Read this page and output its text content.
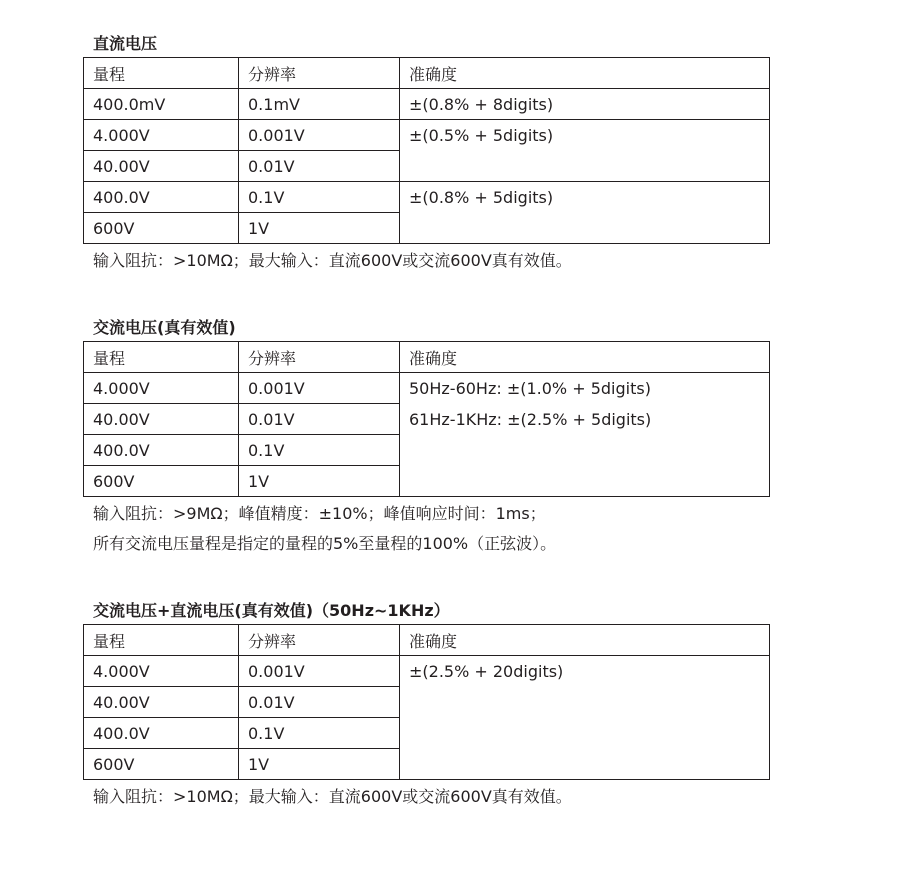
直流电压
量程	分辨率	准确度
400.0mV	0.1mV	±(0.8% + 8digits)
4.000V	0.001V	±(0.5% + 5digits)

40.00V	0.01V	
400.0V	0.1V	±(0.8% + 5digits)

600V	1V	
输入阻抗：>10MΩ；最大输入：直流600V或交流600V真有效值。
交流电压(真有效值)
量程	分辨率	准确度
4.000V	0.001V	50Hz-60Hz: ±(1.0% + 5digits)
61Hz-1KHz: ±(2.5% + 5digits)

40.00V	0.01V	
400.0V	0.1V	
600V	1V	
输入阻抗：>9MΩ；峰值精度：±10%；峰值响应时间：1ms；
所有交流电压量程是指定的量程的5%至量程的100%（正弦波）。
交流电压+直流电压(真有效值)（50Hz~1KHz）
量程	分辨率	准确度
4.000V	0.001V	±(2.5% + 20digits)

40.00V	0.01V	
400.0V	0.1V	
600V	1V	
输入阻抗：>10MΩ；最大输入：直流600V或交流600V真有效值。
